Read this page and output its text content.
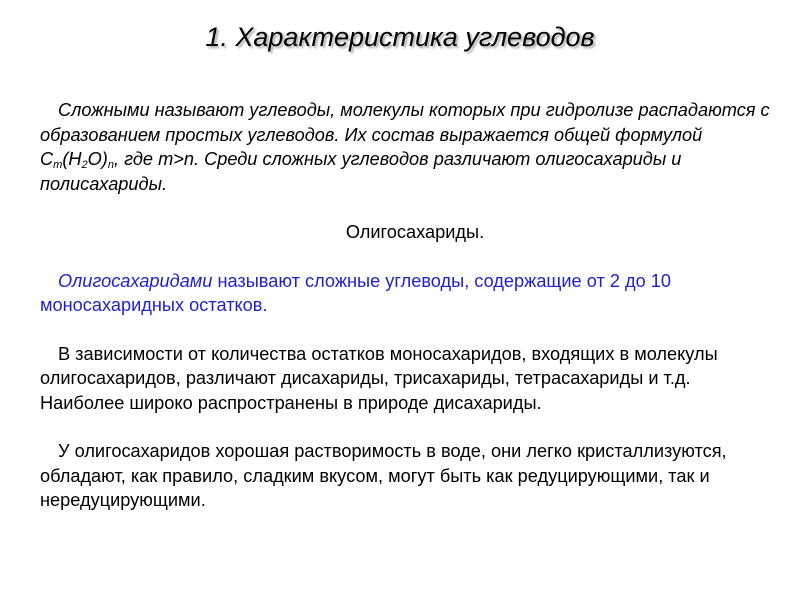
1. Характеристика углеводов

Сложными называют углеводы, молекулы которых при гидролизе распадаются с образованием простых углеводов. Их состав выражается общей формулой $С_m(Н_2О)_n$, где m>n. Среди сложных углеводов различают олигосахариды и полисахариды.

Олигосахариды.

Олигосахаридами называют сложные углеводы, содержащие от 2 до 10 моносахаридных остатков.

В зависимости от количества остатков моносахаридов, входящих в молекулы олигосахаридов, различают дисахариды, трисахариды, тетрасахариды и т.д. Наиболее широко распространены в природе дисахариды.

У олигосахаридов хорошая растворимость в воде, они легко кристаллизуются, обладают, как правило, сладким вкусом, могут быть как редуцирующими, так и нередуцирующими.
